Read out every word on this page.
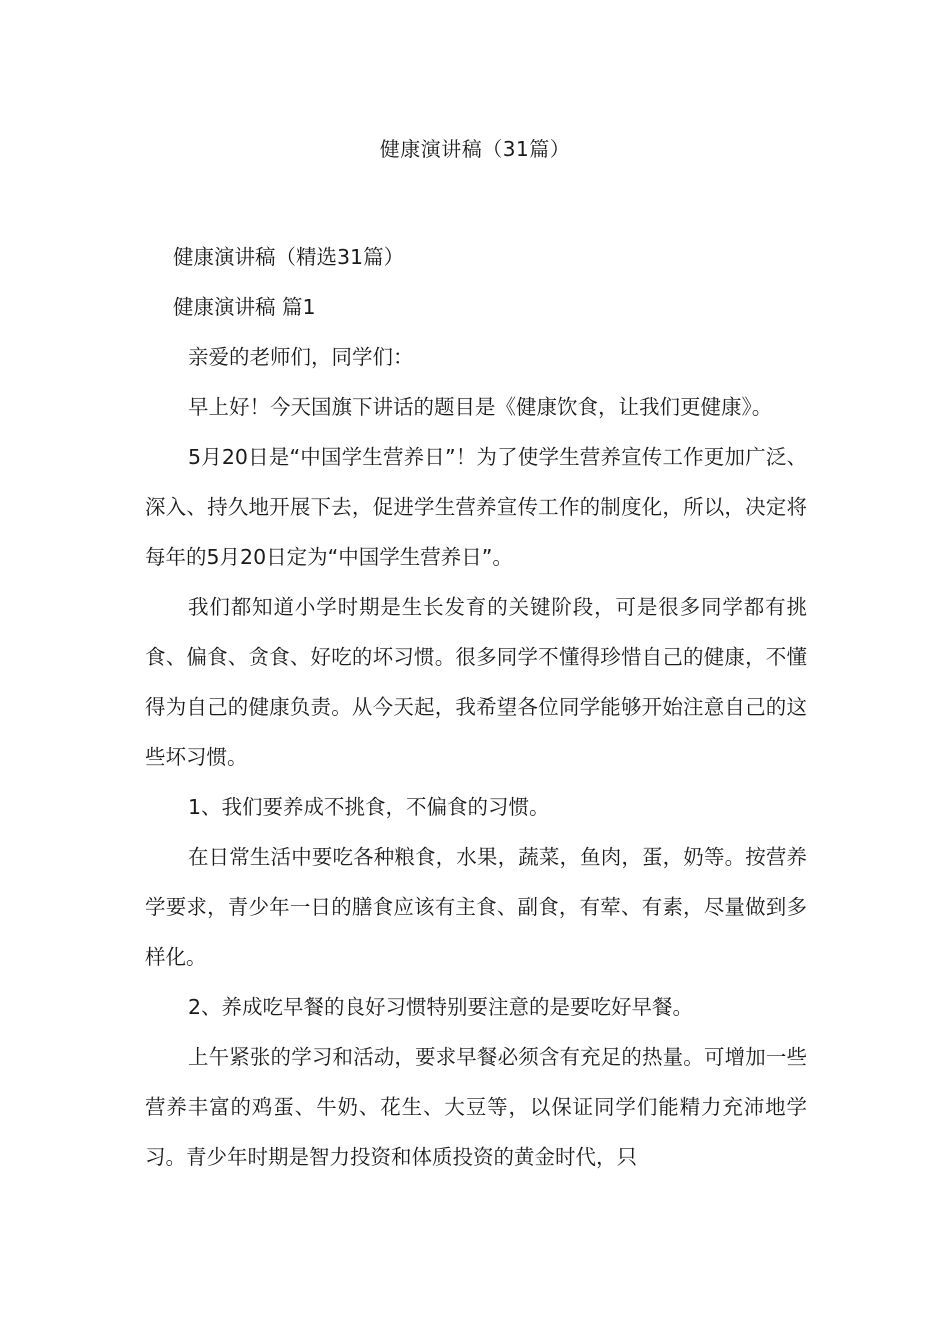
健康演讲稿（31篇）

健康演讲稿（精选31篇）

健康演讲稿 篇1

亲爱的老师们，同学们：

早上好！今天国旗下讲话的题目是《健康饮食，让我们更健康》。

5月20日是“中国学生营养日”！为了使学生营养宣传工作更加广泛、深入、持久地开展下去，促进学生营养宣传工作的制度化，所以，决定将每年的5月20日定为“中国学生营养日”。

我们都知道小学时期是生长发育的关键阶段，可是很多同学都有挑食、偏食、贪食、好吃的坏习惯。很多同学不懂得珍惜自己的健康，不懂得为自己的健康负责。从今天起，我希望各位同学能够开始注意自己的这些坏习惯。

1、我们要养成不挑食，不偏食的习惯。

在日常生活中要吃各种粮食，水果，蔬菜，鱼肉，蛋，奶等。按营养学要求，青少年一日的膳食应该有主食、副食，有荤、有素，尽量做到多样化。

2、养成吃早餐的良好习惯特别要注意的是要吃好早餐。

上午紧张的学习和活动，要求早餐必须含有充足的热量。可增加一些营养丰富的鸡蛋、牛奶、花生、大豆等，以保证同学们能精力充沛地学习。青少年时期是智力投资和体质投资的黄金时代，只
